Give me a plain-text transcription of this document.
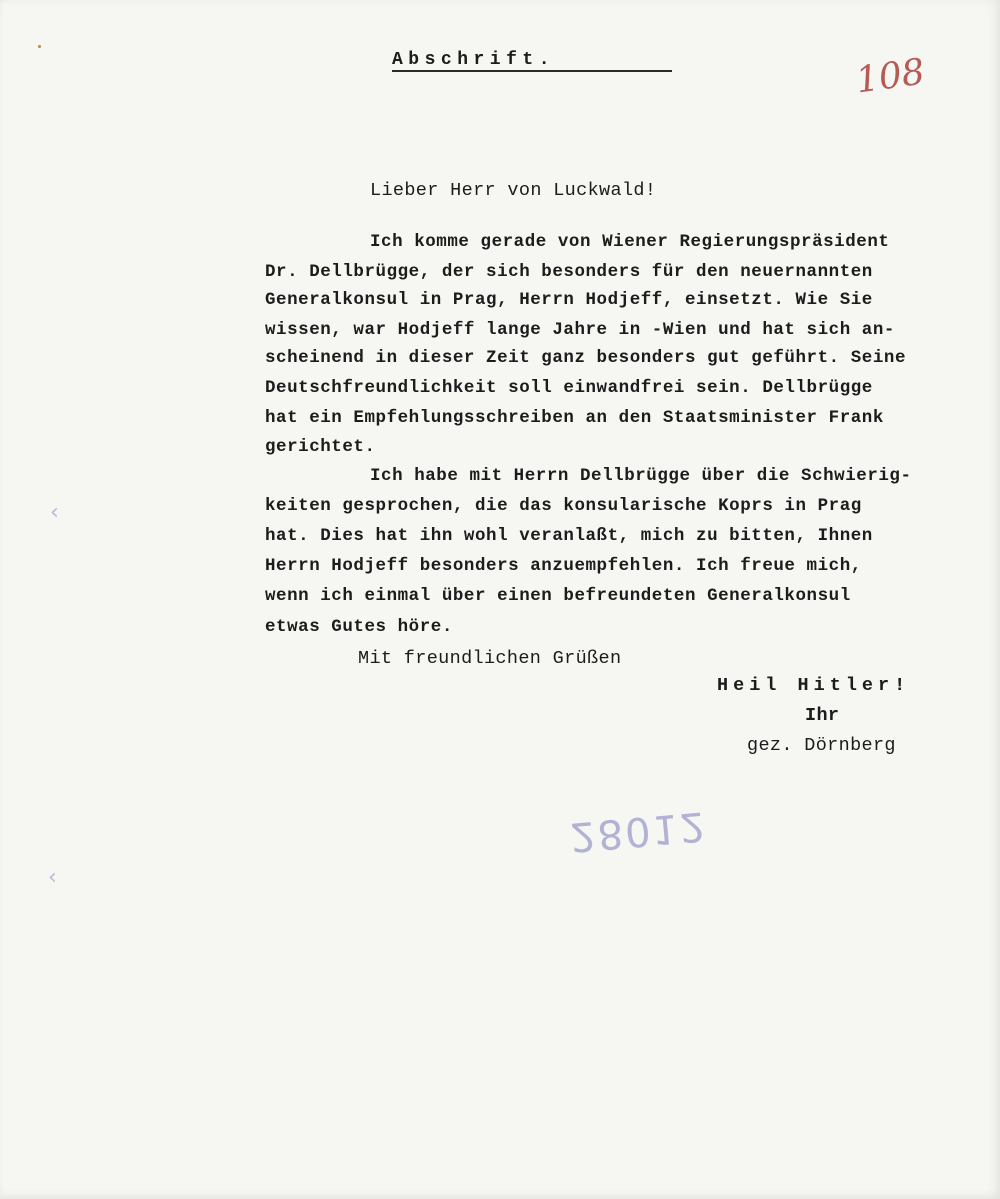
Abschrift.	108
Lieber Herr von Luckwald!
Ich komme gerade von Wiener Regierungspräsident
Dr. Dellbrügge, der sich besonders für den neuernannten
Generalkonsul in Prag, Herrn Hodjeff, einsetzt. Wie Sie
wissen, war Hodjeff lange Jahre in -Wien und hat sich an-
scheinend in dieser Zeit ganz besonders gut geführt. Seine
Deutschfreundlichkeit soll einwandfrei sein. Dellbrügge
hat ein Empfehlungsschreiben an den Staatsminister Frank
gerichtet.
Ich habe mit Herrn Dellbrügge über die Schwierig-
keiten gesprochen, die das konsularische Koprs in Prag
hat. Dies hat ihn wohl veranlaßt, mich zu bitten, Ihnen
Herrn Hodjeff besonders anzuempfehlen. Ich freue mich,
wenn ich einmal über einen befreundeten Generalkonsul
etwas Gutes höre.
Mit freundlichen Grüßen
Heil Hitler!
Ihr
gez. Dörnberg
28012
‹
‹
